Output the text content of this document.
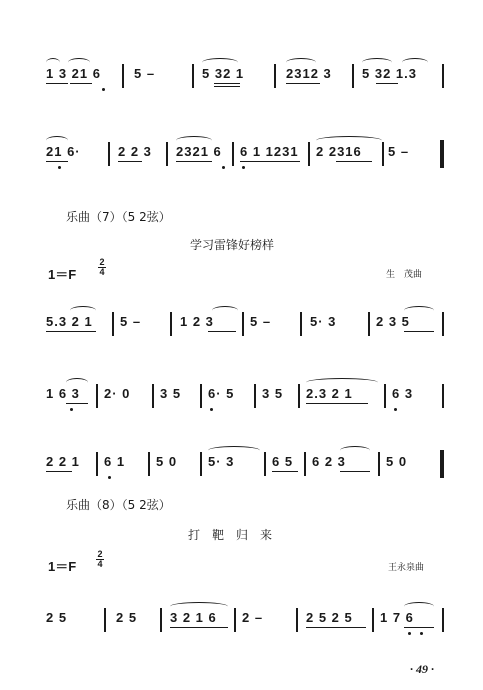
1 3 21 6	5 –	5 32 1	2312 3 5 32 1.3
21 6·	2 2 3 2321 6 6 1 1231 2 2316 5 –
乐曲（7）（5 2弦）
学习雷锋好榜样
$1=F \frac{2}{4}$	生　茂曲
5.3 2 1 5 –	1 2 3	5 –	5· 3	2 3 5
1 6 3 2· 0 3 5 6· 5 3 5 2.3 2 1	6 3
2 2 1 6 1 5 0 5· 3	6 5 6 2 3	5 0
乐曲（8）（5 2弦）
打　靶　归　来
$1=F \frac{2}{4}$	王永泉曲
2 5	2 5	3 2 1 6 2 –	2 5 2 5 1 7 6
· 49 ·
